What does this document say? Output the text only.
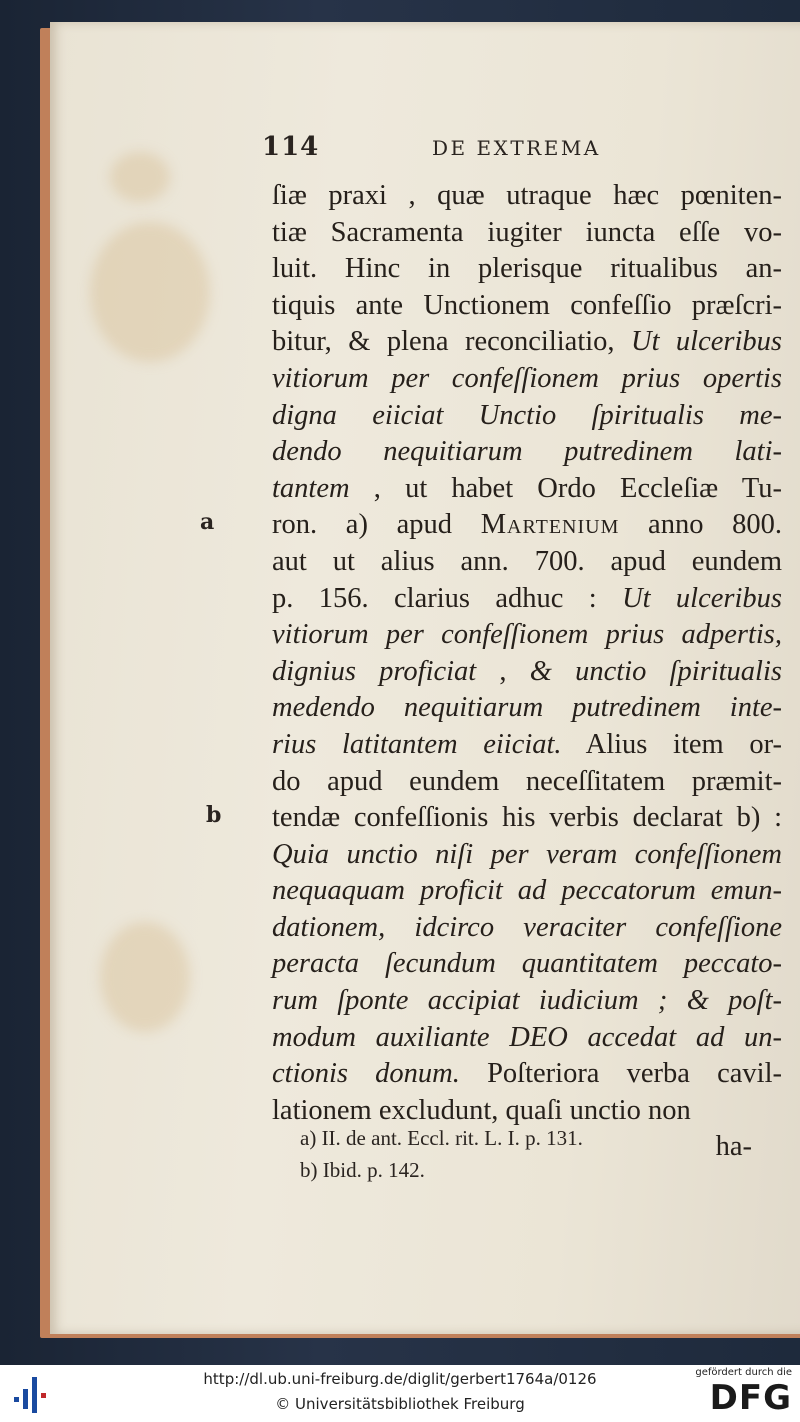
114	DE EXTREMA
ſiæ praxi , quæ utraque hæc pœniten-
tiæ Sacramenta iugiter iuncta eſſe vo-
luit. Hinc in plerisque ritualibus an-
tiquis ante Unctionem confeſſio præſcri-
bitur, & plena reconciliatio, Ut ulceribus
vitiorum per confeſſionem prius opertis
digna eiiciat Unctio ſpiritualis me-
dendo nequitiarum putredinem lati-
tantem , ut habet Ordo Eccleſiæ Tu-
ron. a) apud Martenium anno 800.
aut ut alius ann. 700. apud eundem
p. 156. clarius adhuc : Ut ulceribus
vitiorum per confeſſionem prius adpertis,
dignius proficiat , & unctio ſpiritualis
medendo nequitiarum putredinem inte-
rius latitantem eiiciat. Alius item or-
do apud eundem neceſſitatem præmit-
tendæ confeſſionis his verbis declarat b) :
Quia unctio niſi per veram confeſſionem
nequaquam proficit ad peccatorum emun-
dationem, idcirco veraciter confeſſione
peracta ſecundum quantitatem peccato-
rum ſponte accipiat iudicium ; & poſt-
modum auxiliante DEO accedat ad un-
ctionis donum. Poſteriora verba cavil-
lationem excludunt, quaſi unctio non
ha-
a
b
a) II. de ant. Eccl. rit. L. I. p. 131.
b) Ibid. p. 142.
http://dl.ub.uni-freiburg.de/diglit/gerbert1764a/0126
© Universitätsbibliothek Freiburg
gefördert durch die
DFG
